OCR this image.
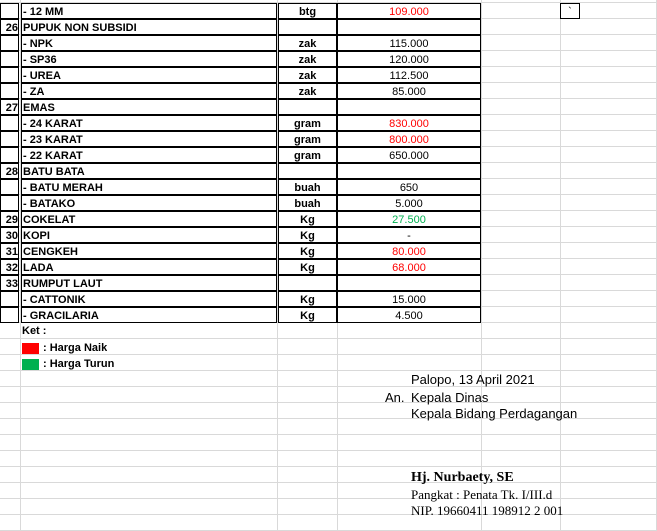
- 12 MM	btg	109.000	`
26 PUPUK NON SUBSIDI
- NPK	zak	115.000
- SP36	zak	120.000
- UREA	zak	112.500
- ZA	zak	85.000
27 EMAS
- 24 KARAT	gram	830.000
- 23 KARAT	gram	800.000
- 22 KARAT	gram	650.000
28 BATU BATA
- BATU MERAH	buah	650
- BATAKO	buah	5.000
29 COKELAT	Kg	27.500
30 KOPI	Kg	-
31 CENGKEH	Kg	80.000
32 LADA	Kg	68.000
33 RUMPUT LAUT
- CATTONIK	Kg	15.000
- GRACILARIA	Kg	4.500
Ket :
: Harga Naik
: Harga Turun
Palopo, 13 April 2021
An. Kepala Dinas
Kepala Bidang Perdagangan
Hj. Nurbaety, SE
Pangkat : Penata Tk. I/III.d
NIP. 19660411 198912 2 001
